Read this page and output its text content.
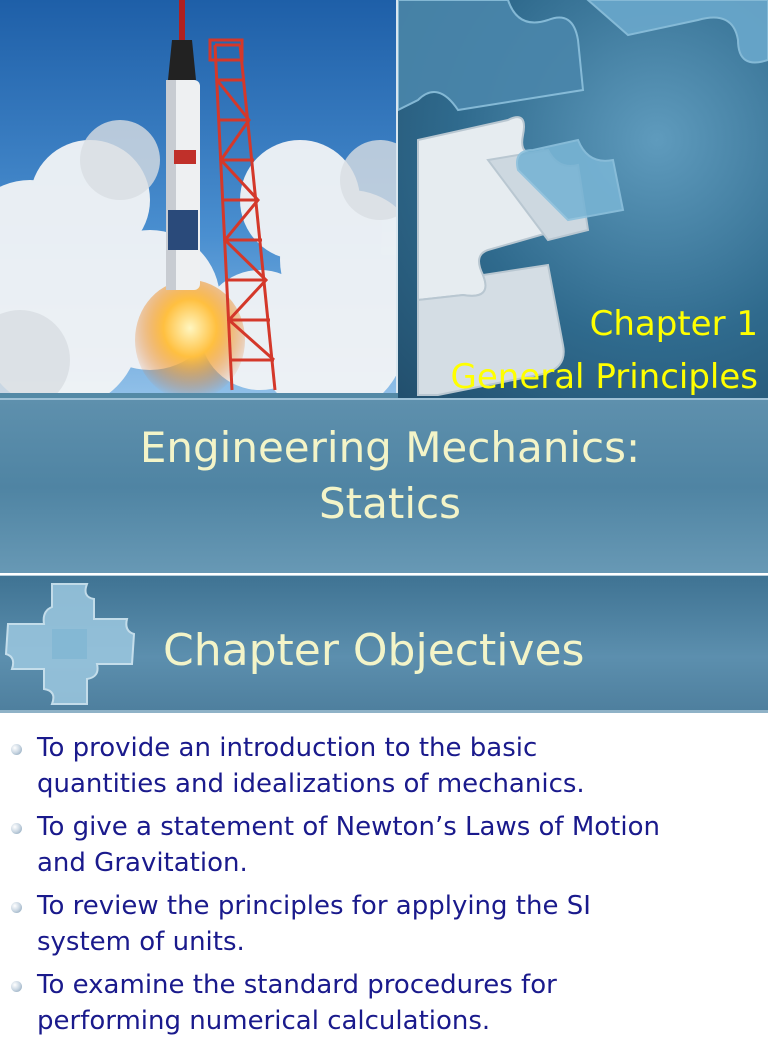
Chapter 1
General Principles
Engineering Mechanics:
Statics
Chapter Objectives
To provide an introduction to the basic
quantities and idealizations of mechanics.
To give a statement of Newton’s Laws of Motion
and Gravitation.
To review the principles for applying the SI
system of units.
To examine the standard procedures for
performing numerical calculations.
